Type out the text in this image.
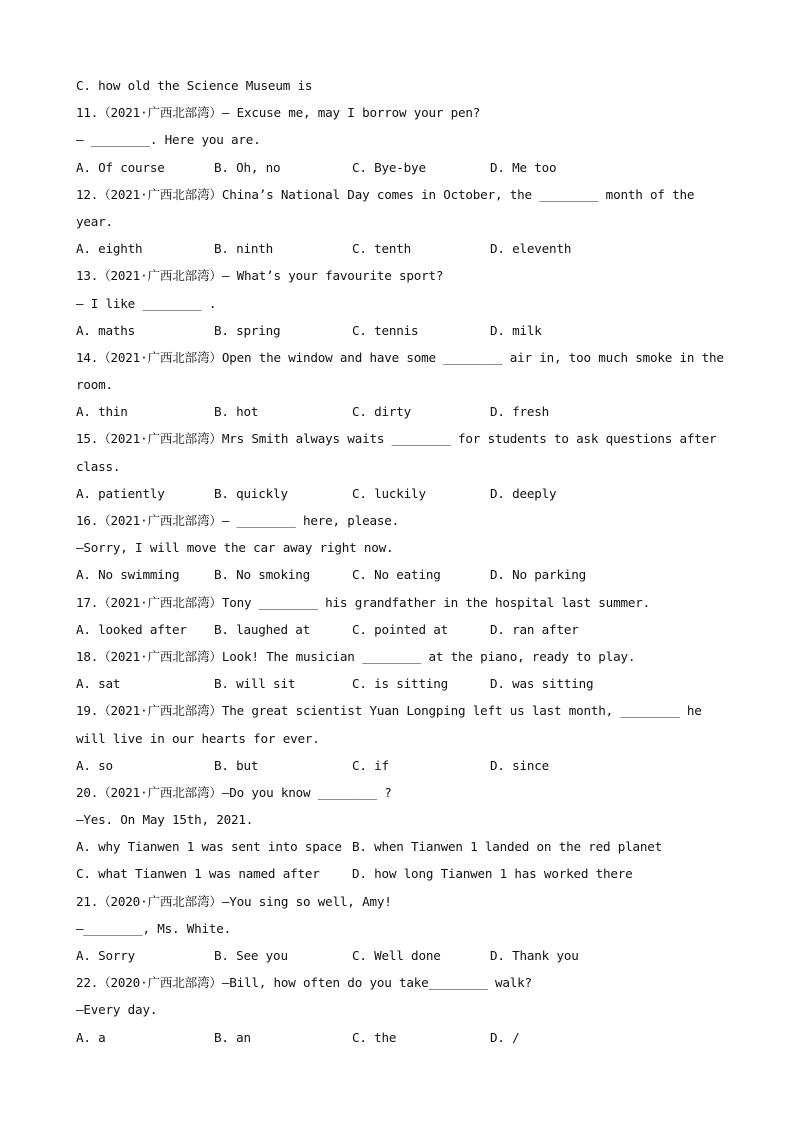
C. how old the Science Museum is
11.（2021·广西北部湾）— Excuse me, may I borrow your pen?
— ________. Here you are.
A. Of course	B. Oh, no	C. Bye-bye	D. Me too
12.（2021·广西北部湾）China’s National Day comes in October, the ________ month of the
year.
A. eighth	B. ninth	C. tenth	D. eleventh
13.（2021·广西北部湾）— What’s your favourite sport?
— I like ________ .
A. maths	B. spring	C. tennis	D. milk
14.（2021·广西北部湾）Open the window and have some ________ air in, too much smoke in the
room.
A. thin	B. hot	C. dirty	D. fresh
15.（2021·广西北部湾）Mrs Smith always waits ________ for students to ask questions after
class.
A. patiently	B. quickly	C. luckily	D. deeply
16.（2021·广西北部湾）— ________ here, please.
—Sorry, I will move the car away right now.
A. No swimming	B. No smoking	C. No eating	D. No parking
17.（2021·广西北部湾）Tony ________ his grandfather in the hospital last summer.
A. looked after	B. laughed at	C. pointed at	D. ran after
18.（2021·广西北部湾）Look! The musician ________ at the piano, ready to play.
A. sat	B. will sit	C. is sitting	D. was sitting
19.（2021·广西北部湾）The great scientist Yuan Longping left us last month, ________ he
will live in our hearts for ever.
A. so	B. but	C. if	D. since
20.（2021·广西北部湾）—Do you know ________ ?
—Yes. On May 15th, 2021.
A. why Tianwen 1 was sent into space B. when Tianwen 1 landed on the red planet
C. what Tianwen 1 was named after	D. how long Tianwen 1 has worked there
21.（2020·广西北部湾）—You sing so well, Amy!
—________, Ms. White.
A. Sorry	B. See you	C. Well done	D. Thank you
22.（2020·广西北部湾）—Bill, how often do you take________ walk?
—Every day.
A. a	B. an	C. the	D. /
